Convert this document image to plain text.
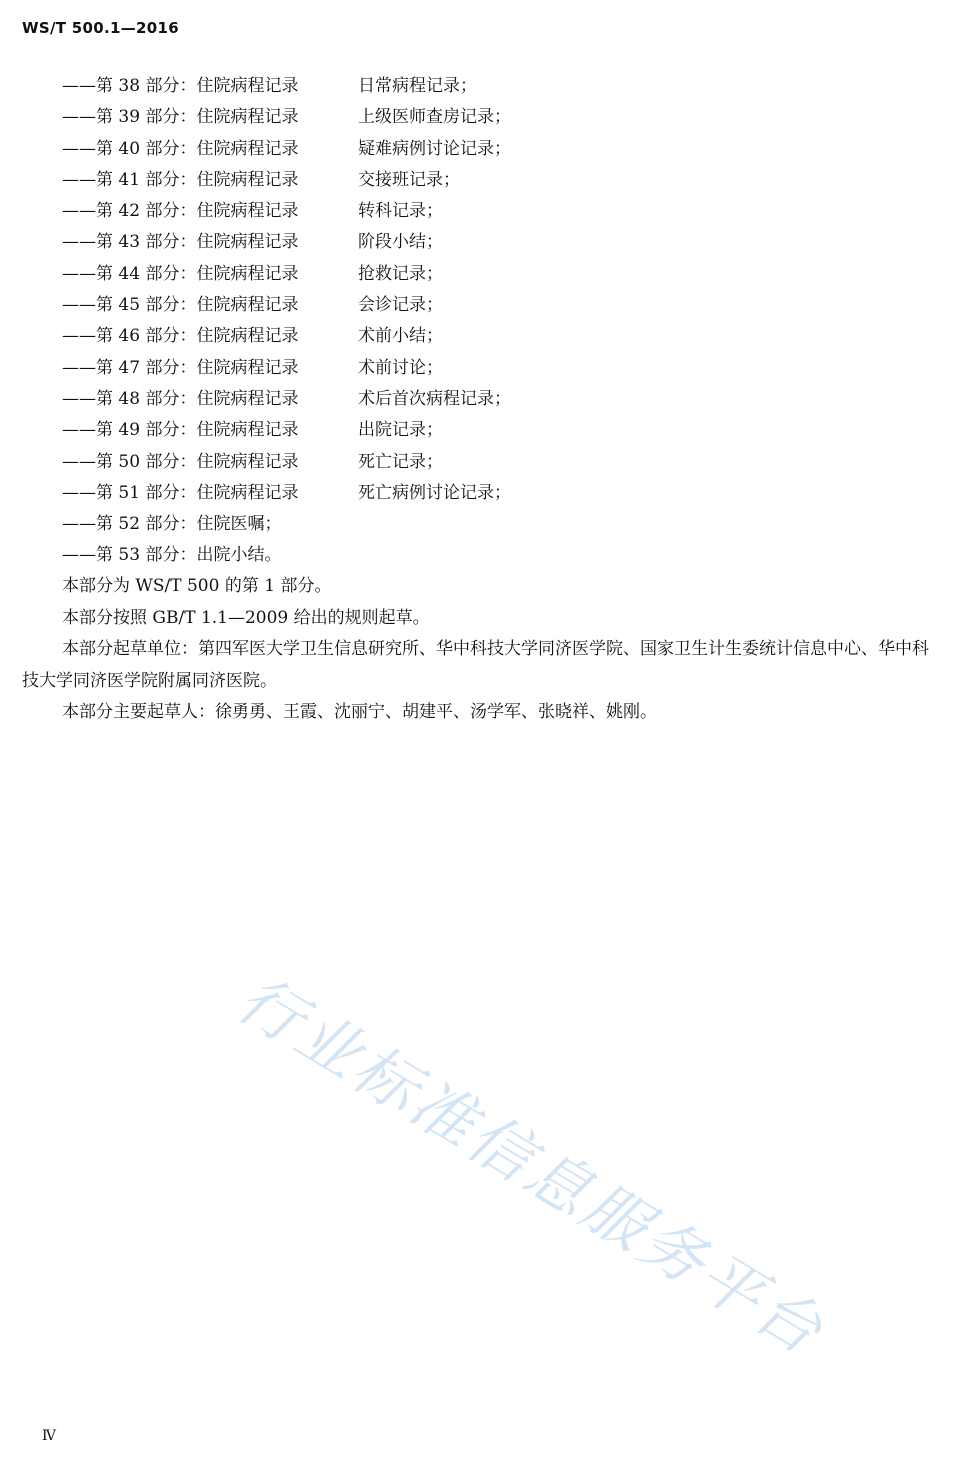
WS/T 500.1—2016
——第 38 部分：住院病程记录	日常病程记录；
——第 39 部分：住院病程记录	上级医师查房记录；
——第 40 部分：住院病程记录	疑难病例讨论记录；
——第 41 部分：住院病程记录	交接班记录；
——第 42 部分：住院病程记录	转科记录；
——第 43 部分：住院病程记录	阶段小结；
——第 44 部分：住院病程记录	抢救记录；
——第 45 部分：住院病程记录	会诊记录；
——第 46 部分：住院病程记录	术前小结；
——第 47 部分：住院病程记录	术前讨论；
——第 48 部分：住院病程记录	术后首次病程记录；
——第 49 部分：住院病程记录	出院记录；
——第 50 部分：住院病程记录	死亡记录；
——第 51 部分：住院病程记录	死亡病例讨论记录；
——第 52 部分：住院医嘱；
——第 53 部分：出院小结。

本部分为 WS/T 500 的第 1 部分。

本部分按照 GB/T 1.1—2009 给出的规则起草。

本部分起草单位：第四军医大学卫生信息研究所、华中科技大学同济医学院、国家卫生计生委统计信息中心、华中科技大学同济医学院附属同济医院。

本部分主要起草人：徐勇勇、王霞、沈丽宁、胡建平、汤学军、张晓祥、姚刚。

行业标准信息服务平台
Ⅳ
